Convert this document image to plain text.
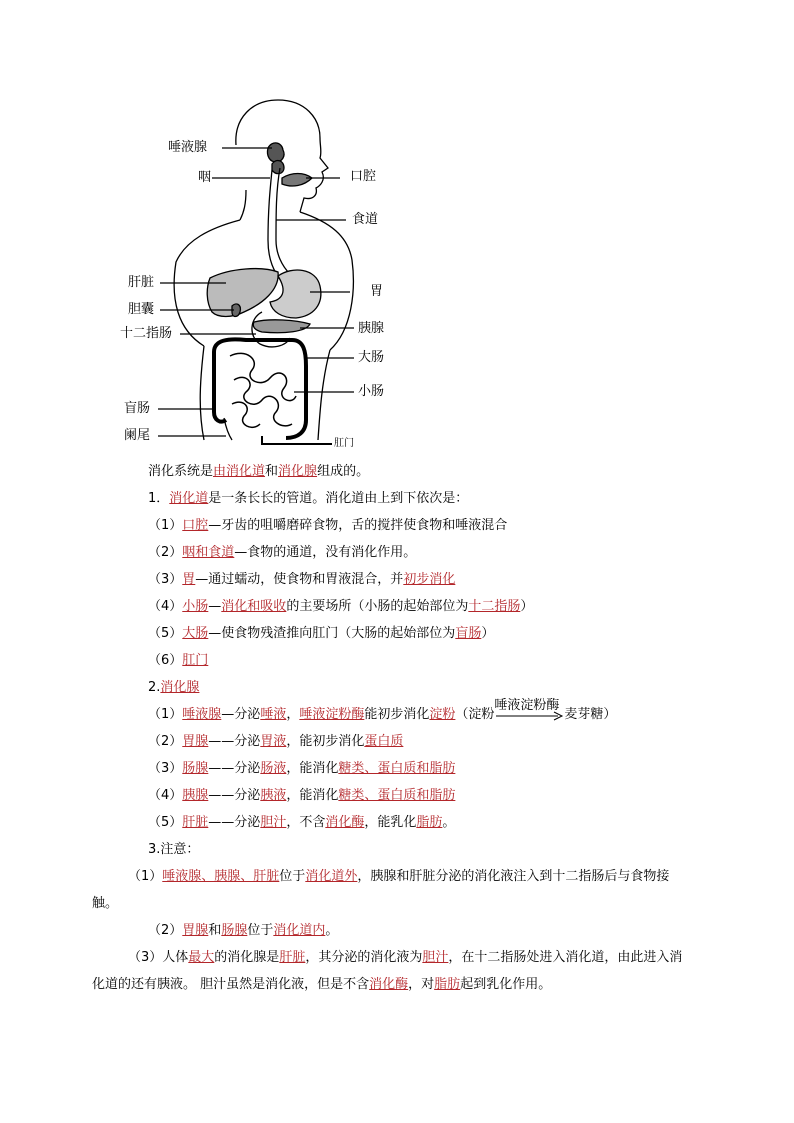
唾液腺
咽
肝脏
胆囊
十二指肠
盲肠
阑尾
口腔
食道
胃
胰腺
大肠
小肠
肛门

消化系统是由消化道和消化腺组成的。

1．消化道是一条长长的管道。消化道由上到下依次是：

（1）口腔—牙齿的咀嚼磨碎食物，舌的搅拌使食物和唾液混合

（2）咽和食道—食物的通道，没有消化作用。

（3）胃—通过蠕动，使食物和胃液混合，并初步消化

（4）小肠—消化和吸收的主要场所（小肠的起始部位为十二指肠）

（5）大肠—使食物残渣推向肛门（大肠的起始部位为盲肠）

（6）肛门

2.消化腺

（1）唾液腺—分泌唾液，唾液淀粉酶能初步消化淀粉（淀粉
唾液淀粉酶
麦芽糖）

（2）胃腺——分泌胃液，能初步消化蛋白质

（3）肠腺——分泌肠液，能消化糖类、蛋白质和脂肪

（4）胰腺——分泌胰液，能消化糖类、蛋白质和脂肪

（5）肝脏——分泌胆汁，不含消化酶，能乳化脂肪。

3.注意：

（1）唾液腺、胰腺、肝脏位于消化道外，胰腺和肝脏分泌的消化液注入到十二指肠后与食物接触。

（2）胃腺和肠腺位于消化道内。

（3）人体最大的消化腺是肝脏，其分泌的消化液为胆汁，在十二指肠处进入消化道，由此进入消化道的还有胰液。 胆汁虽然是消化液，但是不含消化酶，对脂肪起到乳化作用。
